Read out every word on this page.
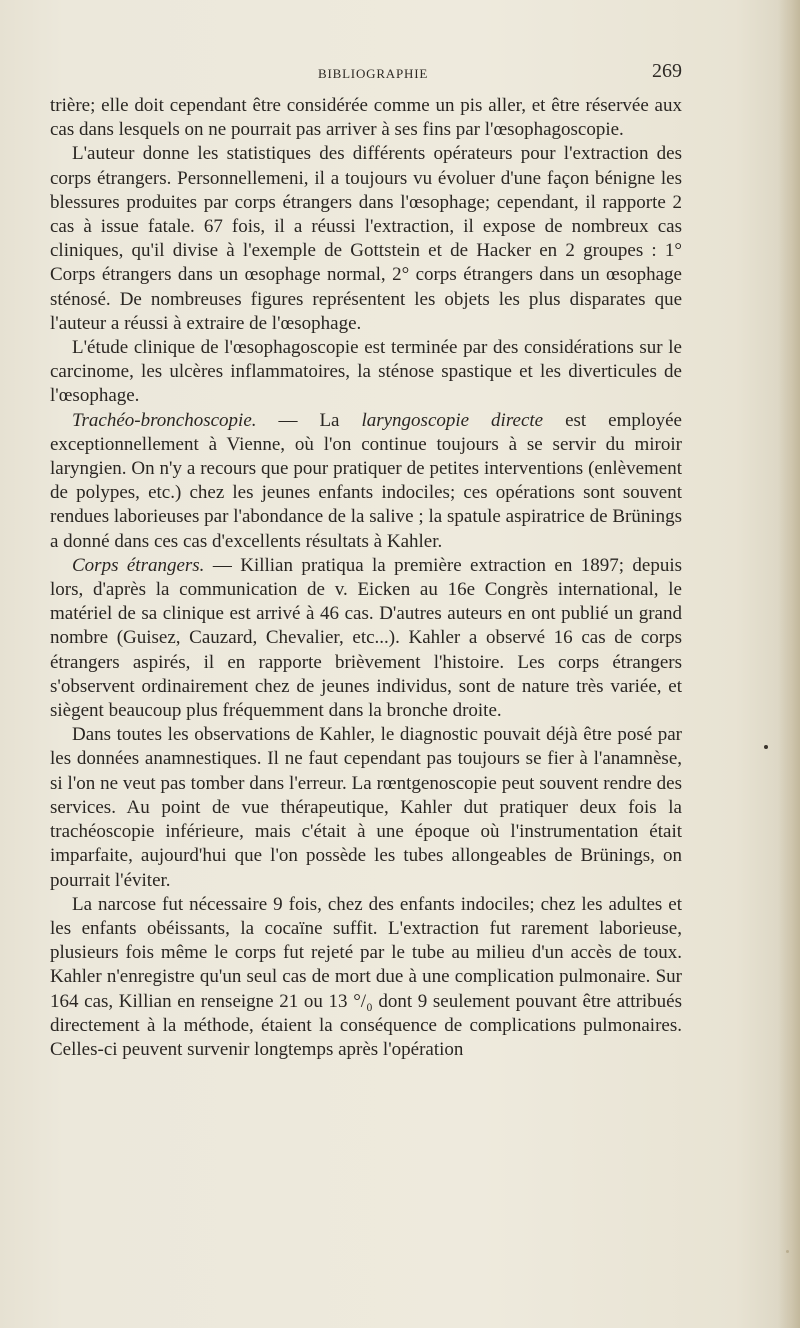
BIBLIOGRAPHIE	269

trière; elle doit cependant être considérée comme un pis aller, et être réservée aux cas dans lesquels on ne pourrait pas arriver à ses fins par l'œsophagoscopie.

L'auteur donne les statistiques des différents opérateurs pour l'extraction des corps étrangers. Personnellemeni, il a toujours vu évoluer d'une façon bénigne les blessures produites par corps étrangers dans l'œsophage; cependant, il rapporte 2 cas à issue fatale. 67 fois, il a réussi l'extraction, il expose de nombreux cas cliniques, qu'il divise à l'exemple de Gottstein et de Hacker en 2 groupes : 1° Corps étrangers dans un œsophage normal, 2° corps étrangers dans un œsophage sténosé. De nombreuses figures représentent les objets les plus disparates que l'auteur a réussi à extraire de l'œsophage.

L'étude clinique de l'œsophagoscopie est terminée par des considérations sur le carcinome, les ulcères inflammatoires, la sténose spastique et les diverticules de l'œsophage.

Trachéo-bronchoscopie. — La laryngoscopie directe est employée exceptionnellement à Vienne, où l'on continue toujours à se servir du miroir laryngien. On n'y a recours que pour pratiquer de petites interventions (enlèvement de polypes, etc.) chez les jeunes enfants indociles; ces opérations sont souvent rendues laborieuses par l'abondance de la salive ; la spatule aspiratrice de Brünings a donné dans ces cas d'excellents résultats à Kahler.

Corps étrangers. — Killian pratiqua la première extraction en 1897; depuis lors, d'après la communication de v. Eicken au 16e Congrès international, le matériel de sa clinique est arrivé à 46 cas. D'autres auteurs en ont publié un grand nombre (Guisez, Cauzard, Chevalier, etc...). Kahler a observé 16 cas de corps étrangers aspirés, il en rapporte brièvement l'histoire. Les corps étrangers s'observent ordinairement chez de jeunes individus, sont de nature très variée, et siègent beaucoup plus fréquemment dans la bronche droite.

Dans toutes les observations de Kahler, le diagnostic pouvait déjà être posé par les données anamnestiques. Il ne faut cependant pas toujours se fier à l'anamnèse, si l'on ne veut pas tomber dans l'erreur. La rœntgenoscopie peut souvent rendre des services. Au point de vue thérapeutique, Kahler dut pratiquer deux fois la trachéoscopie inférieure, mais c'était à une époque où l'instrumentation était imparfaite, aujourd'hui que l'on possède les tubes allongeables de Brünings, on pourrait l'éviter.

La narcose fut nécessaire 9 fois, chez des enfants indociles; chez les adultes et les enfants obéissants, la cocaïne suffit. L'extraction fut rarement laborieuse, plusieurs fois même le corps fut rejeté par le tube au milieu d'un accès de toux. Kahler n'enregistre qu'un seul cas de mort due à une complication pulmonaire. Sur 164 cas, Killian en renseigne 21 ou 13 °/₀ dont 9 seulement pouvant être attribués directement à la méthode, étaient la conséquence de complications pulmonaires. Celles-ci peuvent survenir longtemps après l'opération
